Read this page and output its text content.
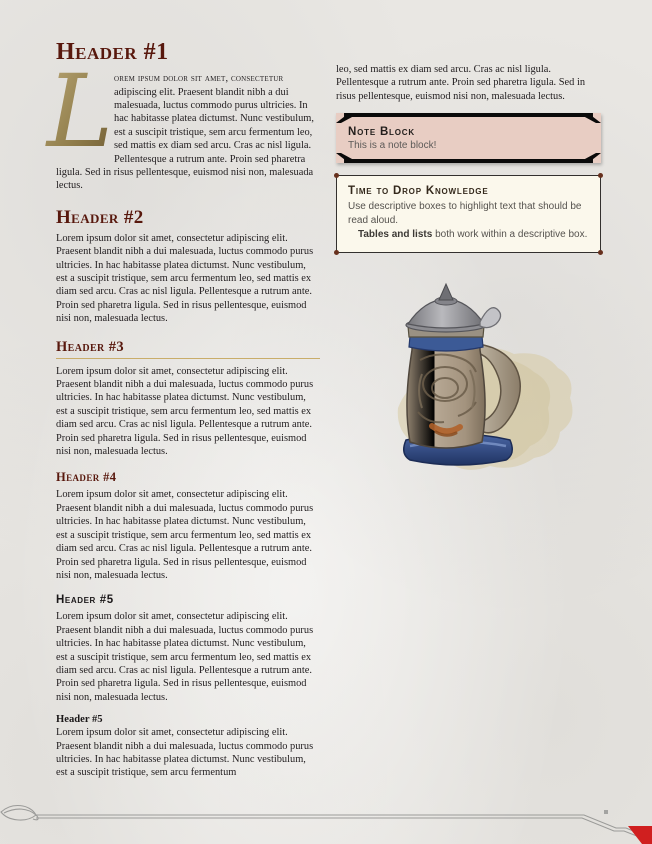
Header #1

L orem ipsum dolor sit amet, consectetur adipiscing elit. Praesent blandit nibh a dui malesuada, luctus commodo purus ultricies. In hac habitasse platea dictumst. Nunc vestibulum, est a suscipit tristique, sem arcu fermentum leo, sed mattis ex diam sed arcu. Cras ac nisl ligula. Pellentesque a rutrum ante. Proin sed pharetra ligula. Sed in risus pellentesque, euismod nisi non, malesuada lectus.

Header #2

Lorem ipsum dolor sit amet, consectetur adipiscing elit. Praesent blandit nibh a dui malesuada, luctus commodo purus ultricies. In hac habitasse platea dictumst. Nunc vestibulum, est a suscipit tristique, sem arcu fermentum leo, sed mattis ex diam sed arcu. Cras ac nisl ligula. Pellentesque a rutrum ante. Proin sed pharetra ligula. Sed in risus pellentesque, euismod nisi non, malesuada lectus.

Header #3

Lorem ipsum dolor sit amet, consectetur adipiscing elit. Praesent blandit nibh a dui malesuada, luctus commodo purus ultricies. In hac habitasse platea dictumst. Nunc vestibulum, est a suscipit tristique, sem arcu fermentum leo, sed mattis ex diam sed arcu. Cras ac nisl ligula. Pellentesque a rutrum ante. Proin sed pharetra ligula. Sed in risus pellentesque, euismod nisi non, malesuada lectus.

Header #4

Lorem ipsum dolor sit amet, consectetur adipiscing elit. Praesent blandit nibh a dui malesuada, luctus commodo purus ultricies. In hac habitasse platea dictumst. Nunc vestibulum, est a suscipit tristique, sem arcu fermentum leo, sed mattis ex diam sed arcu. Cras ac nisl ligula. Pellentesque a rutrum ante. Proin sed pharetra ligula. Sed in risus pellentesque, euismod nisi non, malesuada lectus.

Header #5

Lorem ipsum dolor sit amet, consectetur adipiscing elit. Praesent blandit nibh a dui malesuada, luctus commodo purus ultricies. In hac habitasse platea dictumst. Nunc vestibulum, est a suscipit tristique, sem arcu fermentum leo, sed mattis ex diam sed arcu. Cras ac nisl ligula. Pellentesque a rutrum ante. Proin sed pharetra ligula. Sed in risus pellentesque, euismod nisi non, malesuada lectus.

Header #5

Lorem ipsum dolor sit amet, consectetur adipiscing elit. Praesent blandit nibh a dui malesuada, luctus commodo purus ultricies. In hac habitasse platea dictumst. Nunc vestibulum, est a suscipit tristique, sem arcu fermentum

leo, sed mattis ex diam sed arcu. Cras ac nisl ligula. Pellentesque a rutrum ante. Proin sed pharetra ligula. Sed in risus pellentesque, euismod nisi non, malesuada lectus.

Note Block
This is a note block!
Time to Drop Knowledge
Use descriptive boxes to highlight text that should be read aloud.
Tables and lists both work within a descriptive box.
